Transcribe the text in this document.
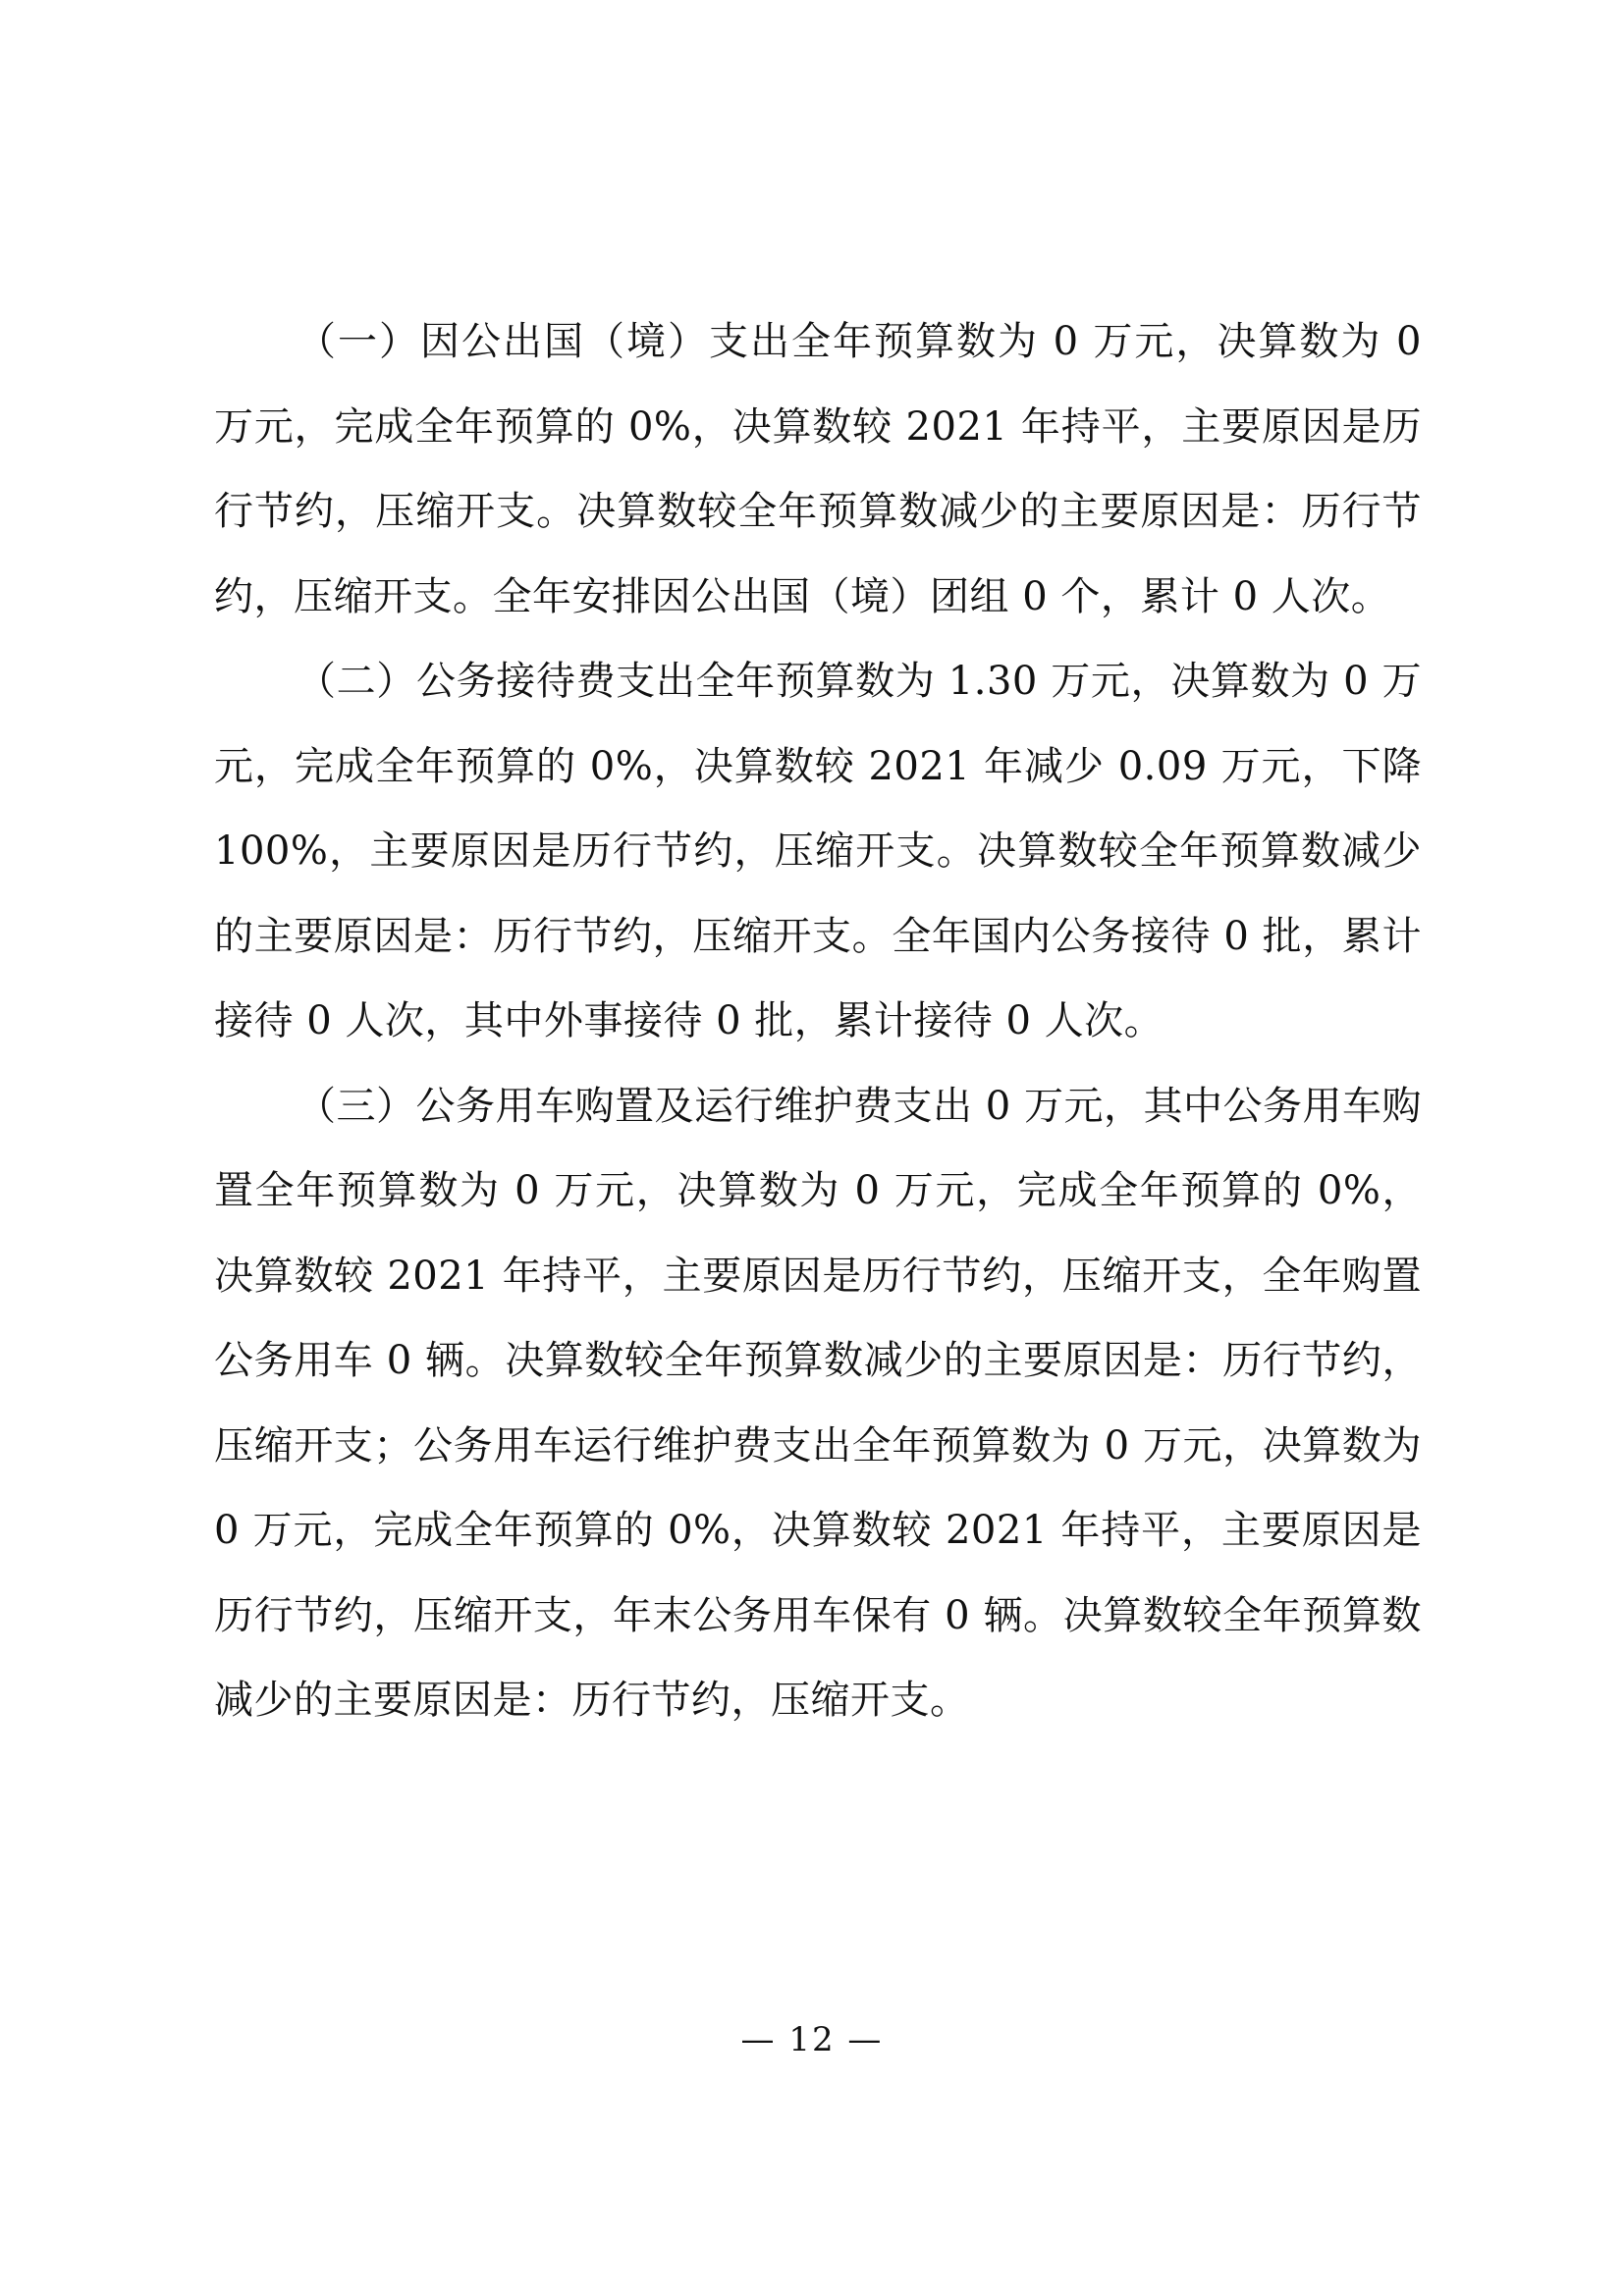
（一）因公出国（境）支出全年预算数为 0 万元，决算数为 0 万元，完成全年预算的 0%，决算数较 2021 年持平，主要原因是历行节约，压缩开支。决算数较全年预算数减少的主要原因是：历行节约，压缩开支。全年安排因公出国（境）团组 0 个，累计 0 人次。

（二）公务接待费支出全年预算数为 1.30 万元，决算数为 0 万元，完成全年预算的 0%，决算数较 2021 年减少 0.09 万元，下降 100%，主要原因是历行节约，压缩开支。决算数较全年预算数减少的主要原因是：历行节约，压缩开支。全年国内公务接待 0 批，累计接待 0 人次，其中外事接待 0 批，累计接待 0 人次。

（三）公务用车购置及运行维护费支出 0 万元，其中公务用车购置全年预算数为 0 万元，决算数为 0 万元，完成全年预算的 0%，决算数较 2021 年持平，主要原因是历行节约，压缩开支，全年购置公务用车 0 辆。决算数较全年预算数减少的主要原因是：历行节约，压缩开支；公务用车运行维护费支出全年预算数为 0 万元，决算数为 0 万元，完成全年预算的 0%，决算数较 2021 年持平，主要原因是历行节约，压缩开支，年末公务用车保有 0 辆。决算数较全年预算数减少的主要原因是：历行节约，压缩开支。

— 12 —
